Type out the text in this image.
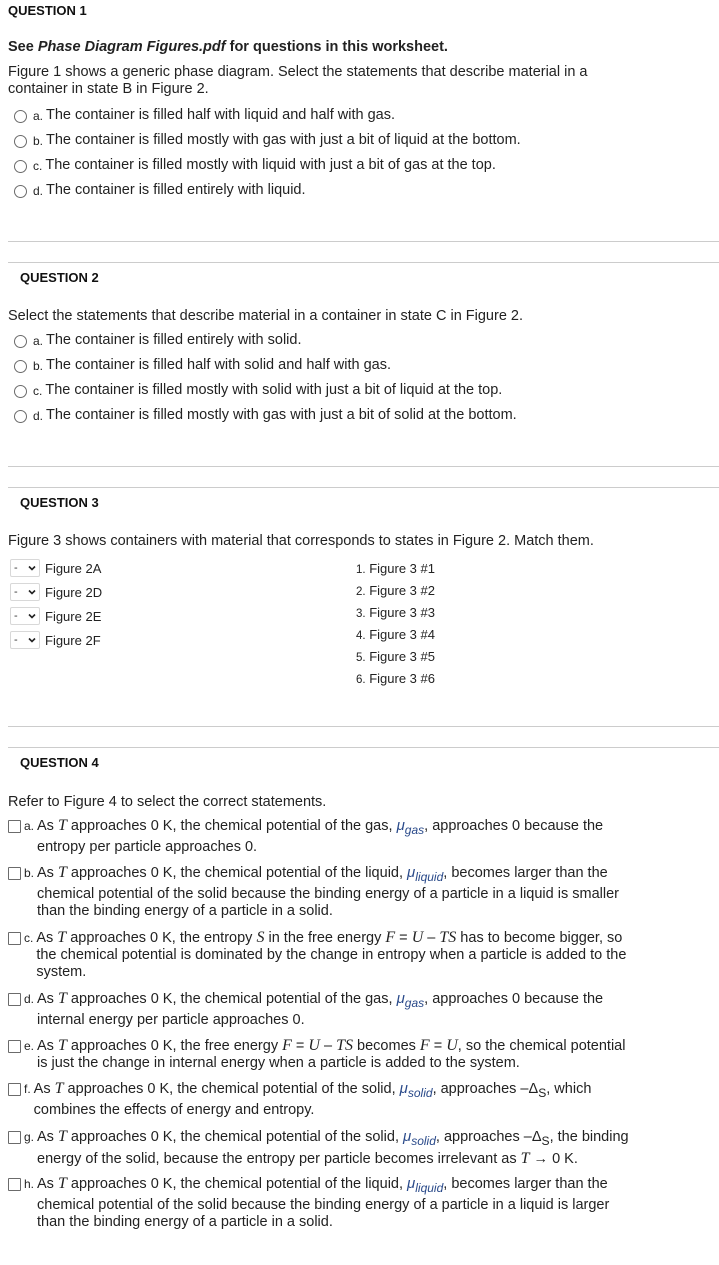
QUESTION 1
See Phase Diagram Figures.pdf for questions in this worksheet.
Figure 1 shows a generic phase diagram. Select the statements that describe material in a
container in state B in Figure 2.
a. The container is filled half with liquid and half with gas.
b. The container is filled mostly with gas with just a bit of liquid at the bottom.
c. The container is filled mostly with liquid with just a bit of gas at the top.
d. The container is filled entirely with liquid.
QUESTION 2
Select the statements that describe material in a container in state C in Figure 2.
a. The container is filled entirely with solid.
b. The container is filled half with solid and half with gas.
c. The container is filled mostly with solid with just a bit of liquid at the top.
d. The container is filled mostly with gas with just a bit of solid at the bottom.
QUESTION 3
Figure 3 shows containers with material that corresponds to states in Figure 2. Match them.
- Figure 2A
- Figure 2D
- Figure 2E
- Figure 2F
1. Figure 3 #1
2. Figure 3 #2
3. Figure 3 #3
4. Figure 3 #4
5. Figure 3 #5
6. Figure 3 #6
QUESTION 4
Refer to Figure 4 to select the correct statements.
a. As T approaches 0 K, the chemical potential of the gas, $\mu_{gas}$, approaches 0 because the
entropy per particle approaches 0.
b. As T approaches 0 K, the chemical potential of the liquid, $\mu_{liquid}$, becomes larger than the
chemical potential of the solid because the binding energy of a particle in a liquid is smaller
than the binding energy of a particle in a solid.
c. As T approaches 0 K, the entropy S in the free energy F = U – TS has to become bigger, so
the chemical potential is dominated by the change in entropy when a particle is added to the
system.
d. As T approaches 0 K, the chemical potential of the gas, $\mu_{gas}$, approaches 0 because the
internal energy per particle approaches 0.
e. As T approaches 0 K, the free energy F = U – TS becomes F = U, so the chemical potential
is just the change in internal energy when a particle is added to the system.
f. As T approaches 0 K, the chemical potential of the solid, $\mu_{solid}$, approaches $-\Delta_S$, which
combines the effects of energy and entropy.
g. As T approaches 0 K, the chemical potential of the solid, $\mu_{solid}$, approaches $-\Delta_S$, the binding
energy of the solid, because the entropy per particle becomes irrelevant as T → 0 K.
h. As T approaches 0 K, the chemical potential of the liquid, $\mu_{liquid}$, becomes larger than the
chemical potential of the solid because the binding energy of a particle in a liquid is larger
than the binding energy of a particle in a solid.
